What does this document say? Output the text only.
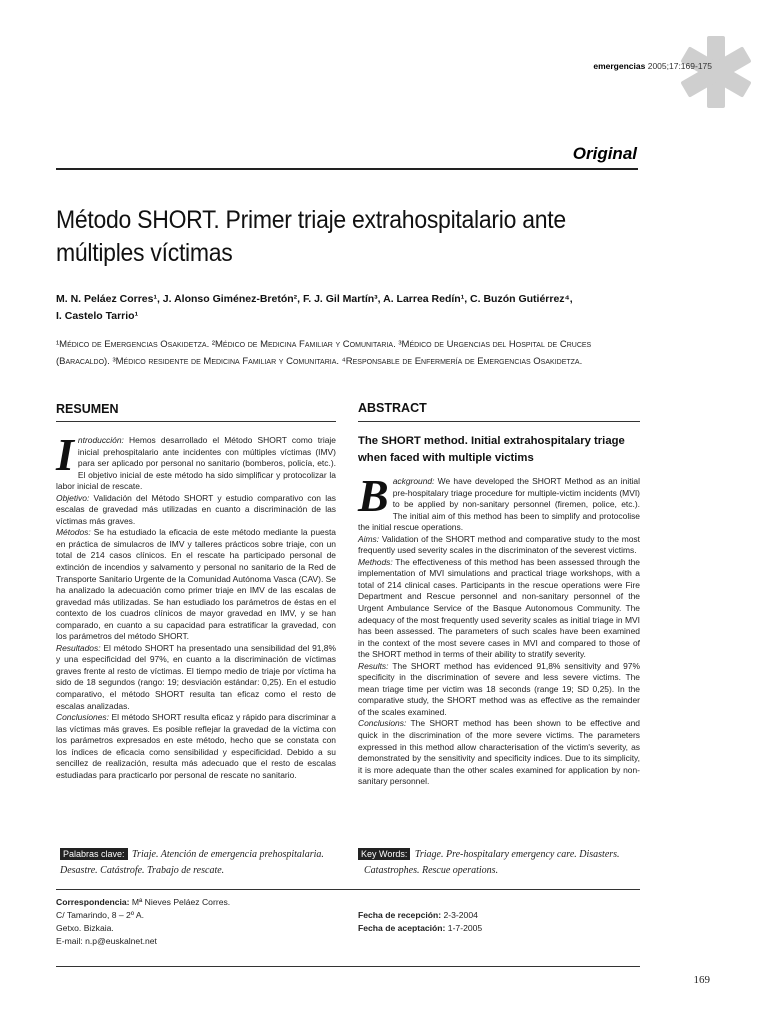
emergencias 2005;17:169-175
Original
Método SHORT. Primer triaje extrahospitalario ante
múltiples víctimas
M. N. Peláez Corres¹, J. Alonso Giménez-Bretón², F. J. Gil Martín³, A. Larrea Redín¹, C. Buzón Gutiérrez⁴,
I. Castelo Tarrio¹
¹Médico de Emergencias Osakidetza. ²Médico de Medicina Familiar y Comunitaria. ³Médico de Urgencias del Hospital de Cruces (Baracaldo). ³Médico residente de Medicina Familiar y Comunitaria. ⁴Responsable de Enfermería de Emergencias Osakidetza.
RESUMEN	ABSTRACT

Introducción: Hemos desarrollado el Método SHORT como triaje inicial prehospitalario ante incidentes con múltiples víctimas (IMV) para ser aplicado por personal no sanitario (bomberos, policía, etc.). El objetivo inicial de este método ha sido simplificar y protocolizar la labor inicial de rescate.

Objetivo: Validación del Método SHORT y estudio comparativo con las escalas de gravedad más utilizadas en cuanto a discriminación de las víctimas más graves.

Métodos: Se ha estudiado la eficacia de este método mediante la puesta en práctica de simulacros de IMV y talleres prácticos sobre triaje, con un total de 214 casos clínicos. En el rescate ha participado personal de extinción de incendios y salvamento y personal no sanitario de la Red de Transporte Sanitario Urgente de la Comunidad Autónoma Vasca (CAV). Se ha analizado la adecuación como primer triaje en IMV de las escalas de gravedad más utilizadas. Se han estudiado los parámetros de éstas en el contexto de los cuadros clínicos de mayor gravedad en IMV, y se han comparado, en cuanto a su capacidad para estratificar la gravedad, con los parámetros del método SHORT.

Resultados: El método SHORT ha presentado una sensibilidad del 91,8% y una especificidad del 97%, en cuanto a la discriminación de víctimas graves frente al resto de víctimas. El tiempo medio de triaje por víctima ha sido de 18 segundos (rango: 19; desviación estándar: 0,25). En el estudio comparativo, el método SHORT resulta tan eficaz como el resto de escalas analizadas.

Conclusiones: El método SHORT resulta eficaz y rápido para discriminar a las víctimas más graves. Es posible reflejar la gravedad de la víctima con los parámetros expresados en este método, hecho que se constata con los índices de eficacia como sensibilidad y especificidad. Debido a su sencillez de realización, resulta más adecuado que el resto de escalas estudiadas para practicarlo por personal de rescate no sanitario.

The SHORT method. Initial extrahospitalary triage
when faced with multiple victims

Background: We have developed the SHORT Method as an initial pre-hospitalary triage procedure for multiple-victim incidents (MVI) to be applied by non-sanitary personnel (firemen, police, etc.). The initial aim of this method has been to simplify and protocolise the initial rescue operations.

Aims: Validation of the SHORT method and comparative study to the most frequently used severity scales in the discriminaton of the severest victims.

Methods: The effectiveness of this method has been assessed through the implementation of MVI simulations and practical triage workshops, with a total of 214 clinical cases. Participants in the rescue operations were Fire Department and Rescue personnel and non-sanitary personnel of the Urgent Ambulance Service of the Basque Autonomous Community. The adequacy of the most frequently used severity scales as initial triage in MVI has been assessed. The parameters of such scales have been examined in the context of the most severe cases in MVI and compared to those of the SHORT method in terms of their ability to stratify severity.

Results: The SHORT method has evidenced 91,8% sensitivity and 97% specificity in the discrimination of severe and less severe victims. The mean triage time per victim was 18 seconds (range 19; SD 0,25). In the comparative study, the SHORT method was as effective as the remainder of the scales examined.

Conclusions: The SHORT method has been shown to be effective and quick in the discrimination of the more severe victims. The parameters expressed in this method allow characterisation of the victim's severity, as demonstrated by the sensitivity and specificity indices. Due to its simplicity, it is more adequate than the other scales examined for application by non-sanitary personnel.

Palabras clave: Triaje. Atención de emergencia prehospitalaria.
Desastre. Catástrofe. Trabajo de rescate.
Key Words: Triage. Pre-hospitalary emergency care. Disasters.
Catastrophes. Rescue operations.
Correspondencia: Mª Nieves Peláez Corres.
C/ Tamarindo, 8 – 2º A.
Getxo. Bizkaia.
E-mail: n.p@euskalnet.net
Fecha de recepción: 2-3-2004
Fecha de aceptación: 1-7-2005
169
